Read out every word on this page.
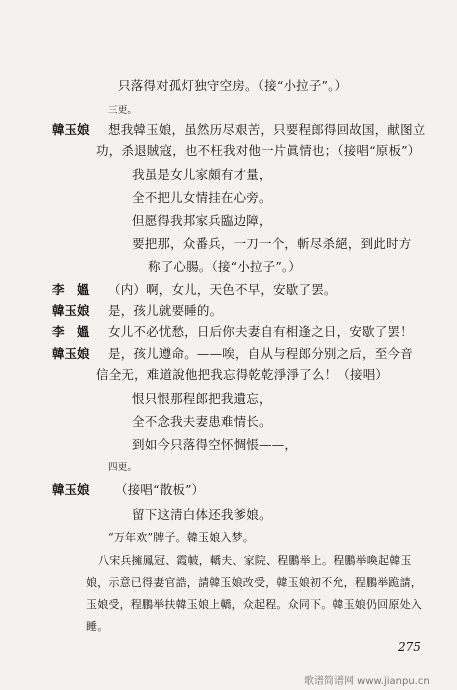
只落得对孤灯独守空房。（接“小拉子”。）
三更。
韓玉娘 想我韓玉娘，虽然历尽艰苦，只要程郎得回故国，献图立
功，杀退賊寇，也不枉我对他一片眞情也；（接唱“原板”）
我虽是女儿家頗有才量，
全不把儿女情挂在心旁。
但愿得我邦家兵臨边障，
要把那，众番兵，一刀一个，斬尽杀絕，到此时方
称了心腸。（接“小拉子”。）
李　媼 （内）啊，女儿，天色不早，安歇了罢。
韓玉娘 是，孩儿就要睡的。
李　媼 女儿不必忧愁，日后你夫妻自有相逢之日，安歇了罢！
韓玉娘 是，孩儿遵命。——唉，自从与程郎分别之后，至今音
信全无，难道說他把我忘得乾乾淨淨了么！（接唱）
恨只恨那程郎把我遺忘，
全不念我夫妻患难情长。
到如今只落得空怀惆悵——，
四更。
韓玉娘 （接唱“散板”）
留下这清白体还我爹娘。
“万年欢”牌子。韓玉娘入梦。
八宋兵擁鳳冠、霞帔，轎夫、家院、程鵬举上。程鵬举喚起韓玉
娘，示意已得妻官誥，請韓玉娘改受，韓玉娘初不允，程鵬举跪請，
玉娘受，程鵬举扶韓玉娘上轎，众起程。众同下。韓玉娘仍回原处入
睡。
275
歌谱简谱网 www.jianpu.cn
